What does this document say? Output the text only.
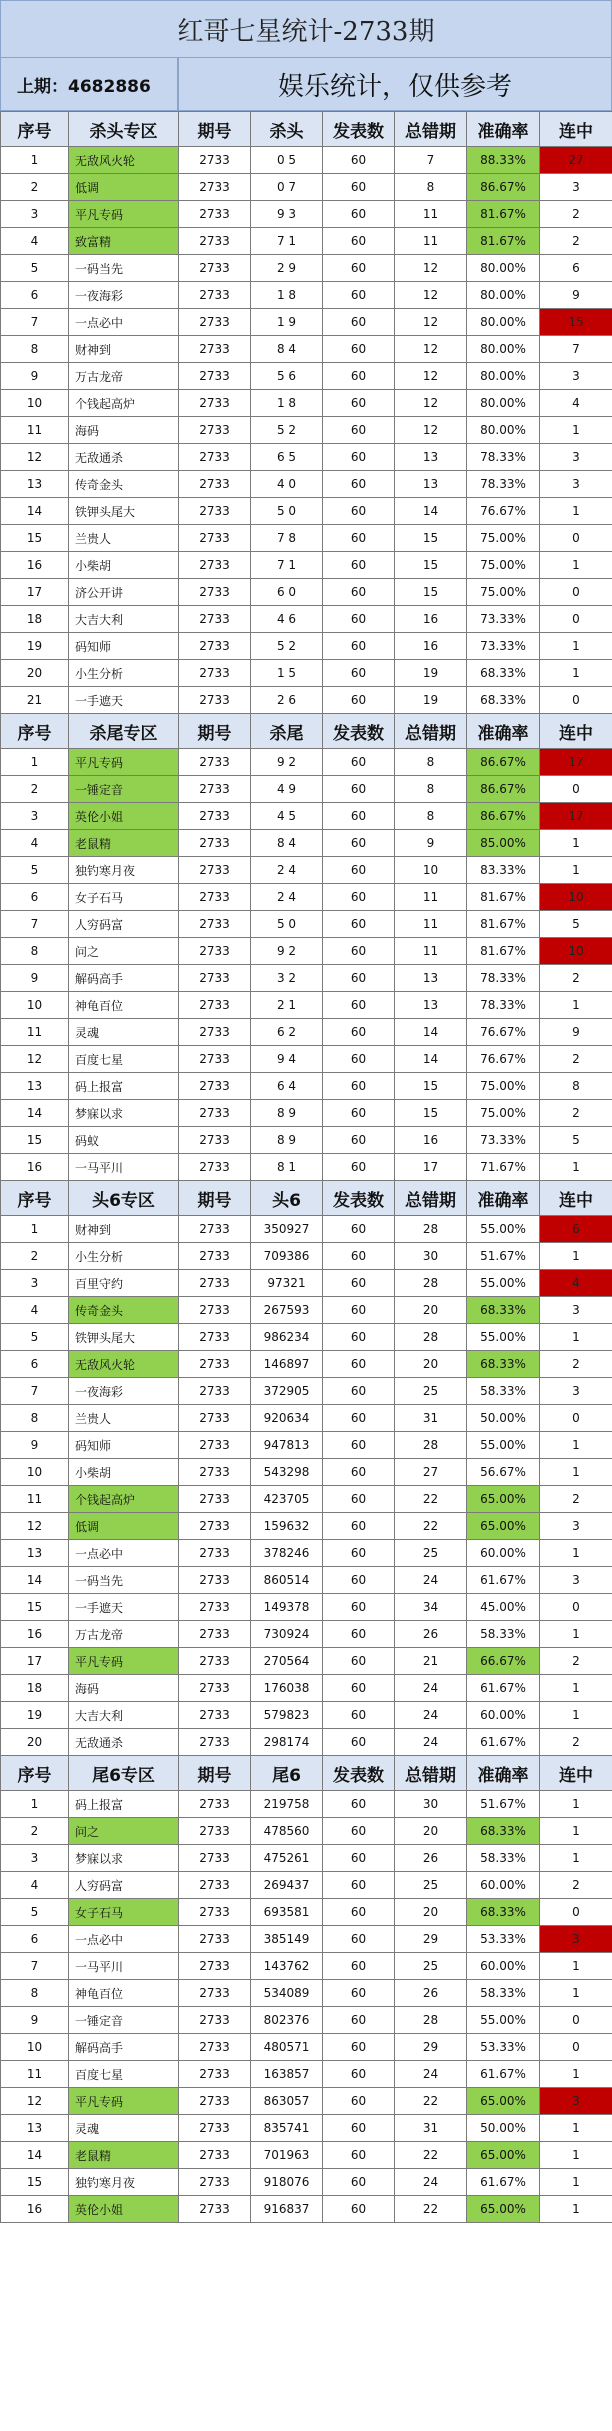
红哥七星统计-2733期
上期：4682886	娱乐统计，仅供参考
序号	杀头专区	期号	杀头	发表数	总错期	准确率	连中
1	无敌风火轮	2733	0 5	60	7	88.33%	27
2	低调	2733	0 7	60	8	86.67%	3
3	平凡专码	2733	9 3	60	11	81.67%	2
4	致富精	2733	7 1	60	11	81.67%	2
5	一码当先	2733	2 9	60	12	80.00%	6
6	一夜海彩	2733	1 8	60	12	80.00%	9
7	一点必中	2733	1 9	60	12	80.00%	15
8	财神到	2733	8 4	60	12	80.00%	7
9	万古龙帝	2733	5 6	60	12	80.00%	3
10	个钱起高炉	2733	1 8	60	12	80.00%	4
11	海码	2733	5 2	60	12	80.00%	1
12	无敌通杀	2733	6 5	60	13	78.33%	3
13	传奇金头	2733	4 0	60	13	78.33%	3
14	铁钾头尾大	2733	5 0	60	14	76.67%	1
15	兰贵人	2733	7 8	60	15	75.00%	0
16	小柴胡	2733	7 1	60	15	75.00%	1
17	济公开讲	2733	6 0	60	15	75.00%	0
18	大吉大利	2733	4 6	60	16	73.33%	0
19	码知师	2733	5 2	60	16	73.33%	1
20	小生分析	2733	1 5	60	19	68.33%	1
21	一手遮天	2733	2 6	60	19	68.33%	0
序号	杀尾专区	期号	杀尾	发表数	总错期	准确率	连中
1	平凡专码	2733	9 2	60	8	86.67%	17
2	一锤定音	2733	4 9	60	8	86.67%	0
3	英伦小姐	2733	4 5	60	8	86.67%	17
4	老鼠精	2733	8 4	60	9	85.00%	1
5	独钓寒月夜	2733	2 4	60	10	83.33%	1
6	女子石马	2733	2 4	60	11	81.67%	10
7	人穷码富	2733	5 0	60	11	81.67%	5
8	问之	2733	9 2	60	11	81.67%	10
9	解码高手	2733	3 2	60	13	78.33%	2
10	神龟百位	2733	2 1	60	13	78.33%	1
11	灵魂	2733	6 2	60	14	76.67%	9
12	百度七星	2733	9 4	60	14	76.67%	2
13	码上报富	2733	6 4	60	15	75.00%	8
14	梦寐以求	2733	8 9	60	15	75.00%	2
15	码蚁	2733	8 9	60	16	73.33%	5
16	一马平川	2733	8 1	60	17	71.67%	1
序号	头6专区	期号	头6	发表数	总错期	准确率	连中
1	财神到	2733	350927	60	28	55.00%	6
2	小生分析	2733	709386	60	30	51.67%	1
3	百里守约	2733	97321	60	28	55.00%	4
4	传奇金头	2733	267593	60	20	68.33%	3
5	铁钾头尾大	2733	986234	60	28	55.00%	1
6	无敌风火轮	2733	146897	60	20	68.33%	2
7	一夜海彩	2733	372905	60	25	58.33%	3
8	兰贵人	2733	920634	60	31	50.00%	0
9	码知师	2733	947813	60	28	55.00%	1
10	小柴胡	2733	543298	60	27	56.67%	1
11	个钱起高炉	2733	423705	60	22	65.00%	2
12	低调	2733	159632	60	22	65.00%	3
13	一点必中	2733	378246	60	25	60.00%	1
14	一码当先	2733	860514	60	24	61.67%	3
15	一手遮天	2733	149378	60	34	45.00%	0
16	万古龙帝	2733	730924	60	26	58.33%	1
17	平凡专码	2733	270564	60	21	66.67%	2
18	海码	2733	176038	60	24	61.67%	1
19	大吉大利	2733	579823	60	24	60.00%	1
20	无敌通杀	2733	298174	60	24	61.67%	2
序号	尾6专区	期号	尾6	发表数	总错期	准确率	连中
1	码上报富	2733	219758	60	30	51.67%	1
2	问之	2733	478560	60	20	68.33%	1
3	梦寐以求	2733	475261	60	26	58.33%	1
4	人穷码富	2733	269437	60	25	60.00%	2
5	女子石马	2733	693581	60	20	68.33%	0
6	一点必中	2733	385149	60	29	53.33%	3
7	一马平川	2733	143762	60	25	60.00%	1
8	神龟百位	2733	534089	60	26	58.33%	1
9	一锤定音	2733	802376	60	28	55.00%	0
10	解码高手	2733	480571	60	29	53.33%	0
11	百度七星	2733	163857	60	24	61.67%	1
12	平凡专码	2733	863057	60	22	65.00%	3
13	灵魂	2733	835741	60	31	50.00%	1
14	老鼠精	2733	701963	60	22	65.00%	1
15	独钓寒月夜	2733	918076	60	24	61.67%	1
16	英伦小姐	2733	916837	60	22	65.00%	1
